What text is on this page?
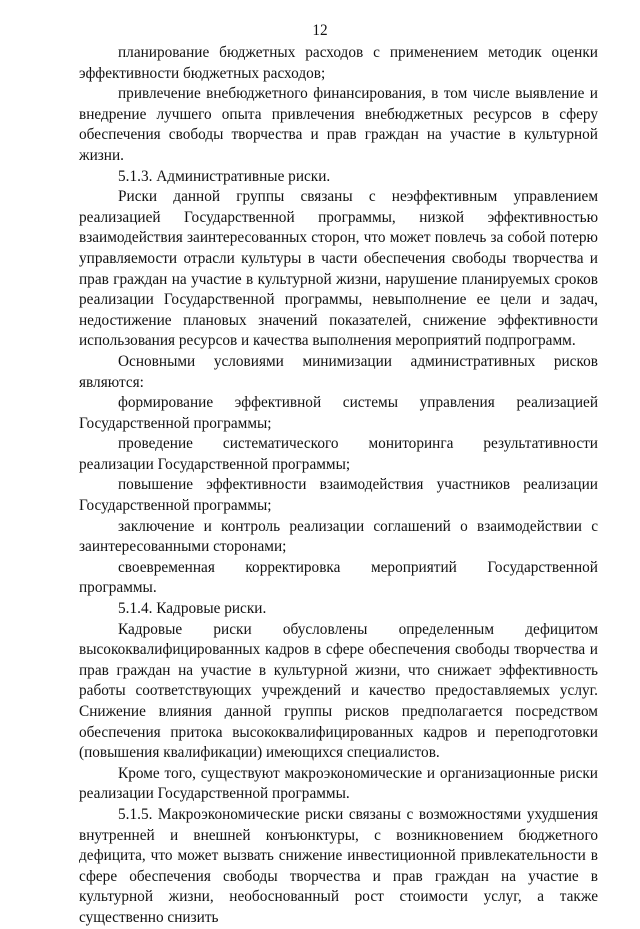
12

планирование бюджетных расходов с применением методик оценки эффективности бюджетных расходов;

привлечение внебюджетного финансирования, в том числе выявление и внедрение лучшего опыта привлечения внебюджетных ресурсов в сферу обеспечения свободы творчества и прав граждан на участие в культурной жизни.

5.1.3. Административные риски.

Риски данной группы связаны с неэффективным управлением реализацией Государственной программы, низкой эффективностью взаимодействия заинтересованных сторон, что может повлечь за собой потерю управляемости отрасли культуры в части обеспечения свободы творчества и прав граждан на участие в культурной жизни, нарушение планируемых сроков реализации Государственной программы, невыполнение ее цели и задач, недостижение плановых значений показателей, снижение эффективности использования ресурсов и качества выполнения мероприятий подпрограмм.

Основными условиями минимизации административных рисков являются:

формирование эффективной системы управления реализацией Государственной программы;

проведение систематического мониторинга результативности реализации Государственной программы;

повышение эффективности взаимодействия участников реализации Государственной программы;

заключение и контроль реализации соглашений о взаимодействии с заинтересованными сторонами;

своевременная корректировка мероприятий Государственной программы.

5.1.4. Кадровые риски.

Кадровые риски обусловлены определенным дефицитом высококвалифицированных кадров в сфере обеспечения свободы творчества и прав граждан на участие в культурной жизни, что снижает эффективность работы соответствующих учреждений и качество предоставляемых услуг. Снижение влияния данной группы рисков предполагается посредством обеспечения притока высококвалифицированных кадров и переподготовки (повышения квалификации) имеющихся специалистов.

Кроме того, существуют макроэкономические и организационные риски реализации Государственной программы.

5.1.5. Макроэкономические риски связаны с возможностями ухудшения внутренней и внешней конъюнктуры, с возникновением бюджетного дефицита, что может вызвать снижение инвестиционной привлекательности в сфере обеспечения свободы творчества и прав граждан на участие в культурной жизни, необоснованный рост стоимости услуг, а также существенно снизить
